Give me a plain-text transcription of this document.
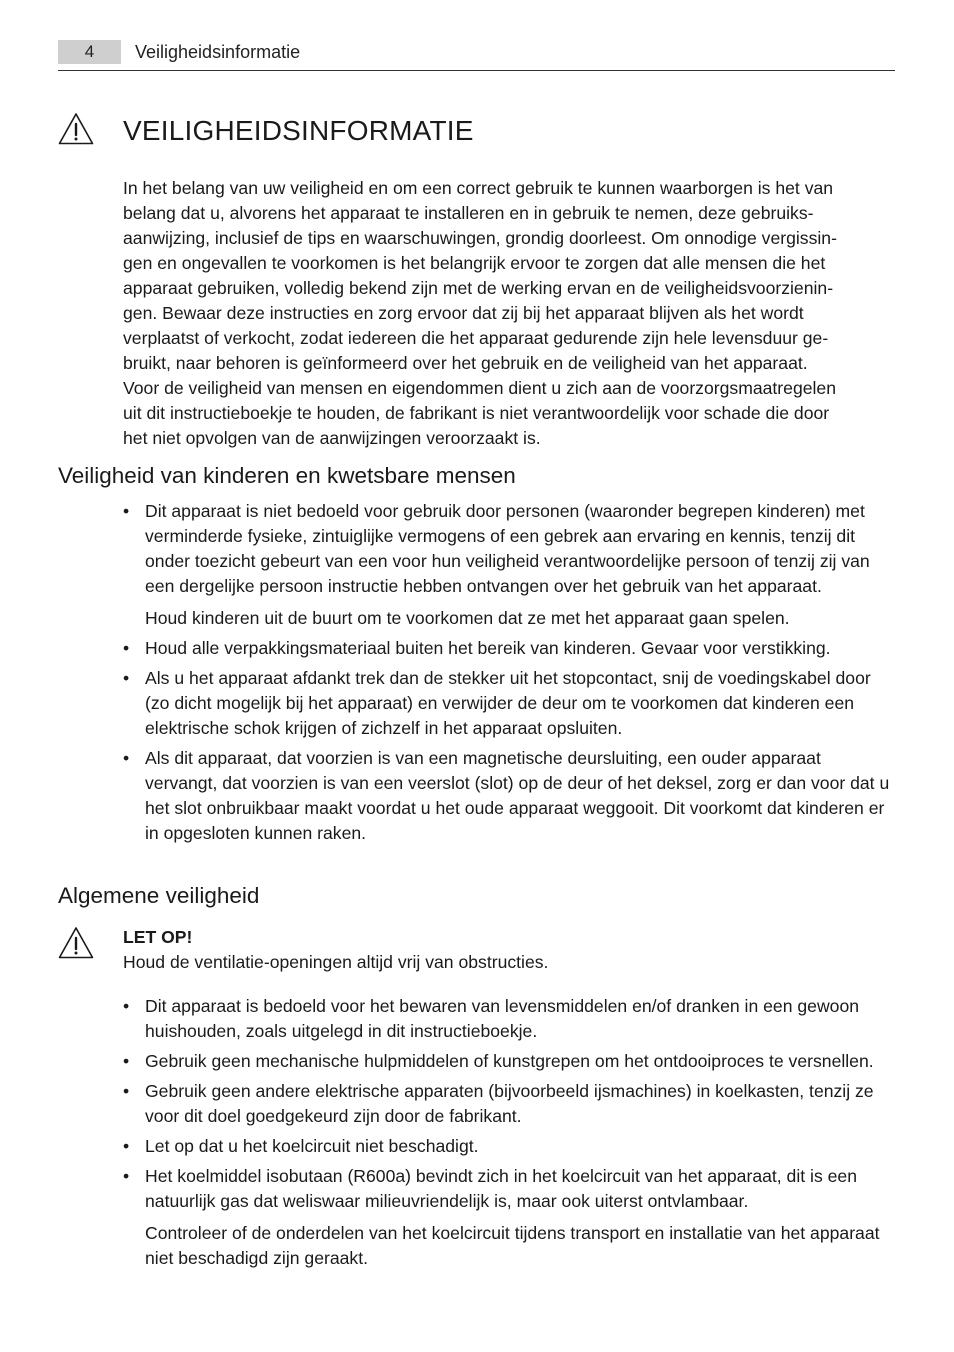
4	Veiligheidsinformatie
VEILIGHEIDSINFORMATIE

In het belang van uw veiligheid en om een correct gebruik te kunnen waarborgen is het van

belang dat u, alvorens het apparaat te installeren en in gebruik te nemen, deze gebruiks-

aanwijzing, inclusief de tips en waarschuwingen, grondig doorleest. Om onnodige vergissin-

gen en ongevallen te voorkomen is het belangrijk ervoor te zorgen dat alle mensen die het

apparaat gebruiken, volledig bekend zijn met de werking ervan en de veiligheidsvoorzienin-

gen. Bewaar deze instructies en zorg ervoor dat zij bij het apparaat blijven als het wordt

verplaatst of verkocht, zodat iedereen die het apparaat gedurende zijn hele levensduur ge-

bruikt, naar behoren is geïnformeerd over het gebruik en de veiligheid van het apparaat.

Voor de veiligheid van mensen en eigendommen dient u zich aan de voorzorgsmaatregelen

uit dit instructieboekje te houden, de fabrikant is niet verantwoordelijk voor schade die door

het niet opvolgen van de aanwijzingen veroorzaakt is.

Veiligheid van kinderen en kwetsbare mensen
• Dit apparaat is niet bedoeld voor gebruik door personen (waaronder begrepen kinderen) met verminderde fysieke, zintuiglijke vermogens of een gebrek aan ervaring en kennis, tenzij dit onder toezicht gebeurt van een voor hun veiligheid verantwoordelijke persoon of tenzij zij van een dergelijke persoon instructie hebben ontvangen over het gebruik van het apparaat.
Houd kinderen uit de buurt om te voorkomen dat ze met het apparaat gaan spelen.
• Houd alle verpakkingsmateriaal buiten het bereik van kinderen. Gevaar voor verstikking.
• Als u het apparaat afdankt trek dan de stekker uit het stopcontact, snij de voedingskabel door (zo dicht mogelijk bij het apparaat) en verwijder de deur om te voorkomen dat kinderen een elektrische schok krijgen of zichzelf in het apparaat opsluiten.
• Als dit apparaat, dat voorzien is van een magnetische deursluiting, een ouder apparaat vervangt, dat voorzien is van een veerslot (slot) op de deur of het deksel, zorg er dan voor dat u het slot onbruikbaar maakt voordat u het oude apparaat weggooit. Dit voorkomt dat kinderen er in opgesloten kunnen raken.
Algemene veiligheid
LET OP!
Houd de ventilatie-openingen altijd vrij van obstructies.
• Dit apparaat is bedoeld voor het bewaren van levensmiddelen en/of dranken in een gewoon huishouden, zoals uitgelegd in dit instructieboekje.
• Gebruik geen mechanische hulpmiddelen of kunstgrepen om het ontdooiproces te versnellen.
• Gebruik geen andere elektrische apparaten (bijvoorbeeld ijsmachines) in koelkasten, tenzij ze voor dit doel goedgekeurd zijn door de fabrikant.
• Let op dat u het koelcircuit niet beschadigt.
• Het koelmiddel isobutaan (R600a) bevindt zich in het koelcircuit van het apparaat, dit is een natuurlijk gas dat weliswaar milieuvriendelijk is, maar ook uiterst ontvlambaar.
Controleer of de onderdelen van het koelcircuit tijdens transport en installatie van het apparaat niet beschadigd zijn geraakt.
